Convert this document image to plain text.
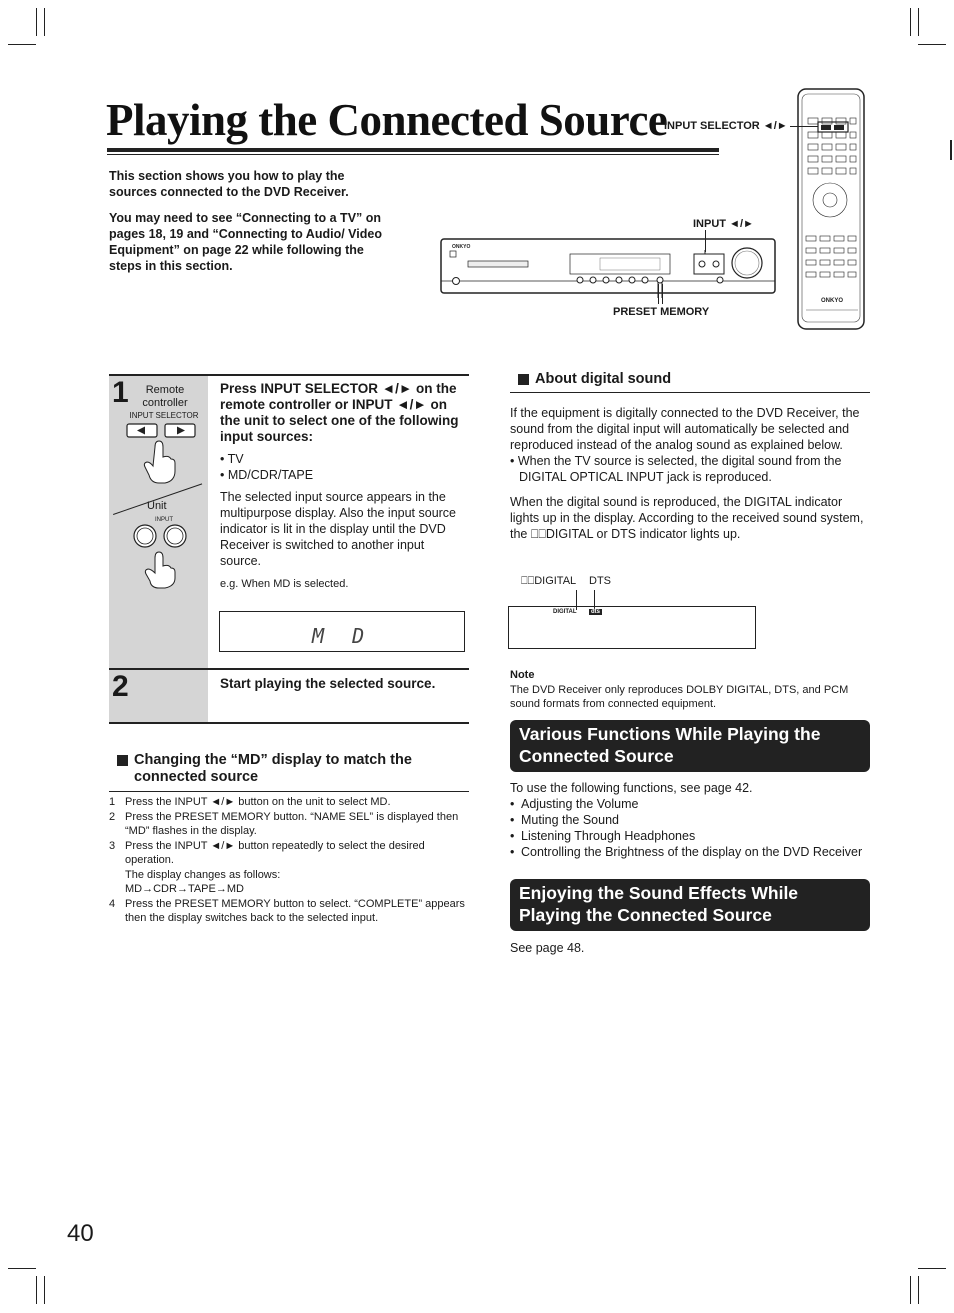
Playing the Connected Source

This section shows you how to play the sources connected to the DVD Receiver.

You may need to see “Connecting to a TV” on pages 18, 19 and “Connecting to Audio/ Video Equipment” on page 22 while following the steps in this section.

INPUT SELECTOR ◄/►
INPUT ◄/►
PRESET MEMORY
ONKYO
ONKYO
1
2
Remote controller
INPUT SELECTOR
Unit
INPUT
Press INPUT SELECTOR ◄/► on the remote controller or INPUT ◄/► on the unit to select one of the following input sources:
• TV
• MD/CDR/TAPE
The selected input source appears in the multipurpose display. Also the input source indicator is lit in the display until the DVD Receiver is switched to another input source.
e.g. When MD is selected.
M D
Start playing the selected source.
Changing the “MD” display to match the connected source
1 Press the INPUT ◄/► button on the unit to select MD.
2 Press the PRESET MEMORY button. “NAME SEL” is displayed then “MD” flashes in the display.
3 Press the INPUT ◄/► button repeatedly to select the desired operation.
The display changes as follows:
MD→CDR→TAPE→MD
4 Press the PRESET MEMORY button to select. “COMPLETE” appears then the display switches back to the selected input.
About digital sound
If the equipment is digitally connected to the DVD Receiver, the sound from the digital input will automatically be selected and reproduced instead of the analog sound as explained below.
• When the TV source is selected, the digital sound from the DIGITAL OPTICAL INPUT jack is reproduced.
When the digital sound is reproduced, the DIGITAL indicator lights up in the display. According to the received sound system, the ⎕⎕DIGITAL or DTS indicator lights up.
⎕⎕DIGITAL DTS
DIGITAL	dts
Note
The DVD Receiver only reproduces DOLBY DIGITAL, DTS, and PCM sound formats from connected equipment.
Various Functions While Playing the Connected Source
To use the following functions, see page 42.
• Adjusting the Volume
• Muting the Sound
• Listening Through Headphones
• Controlling the Brightness of the display on the DVD Receiver
Enjoying the Sound Effects While Playing the Connected Source
See page 48.
40
